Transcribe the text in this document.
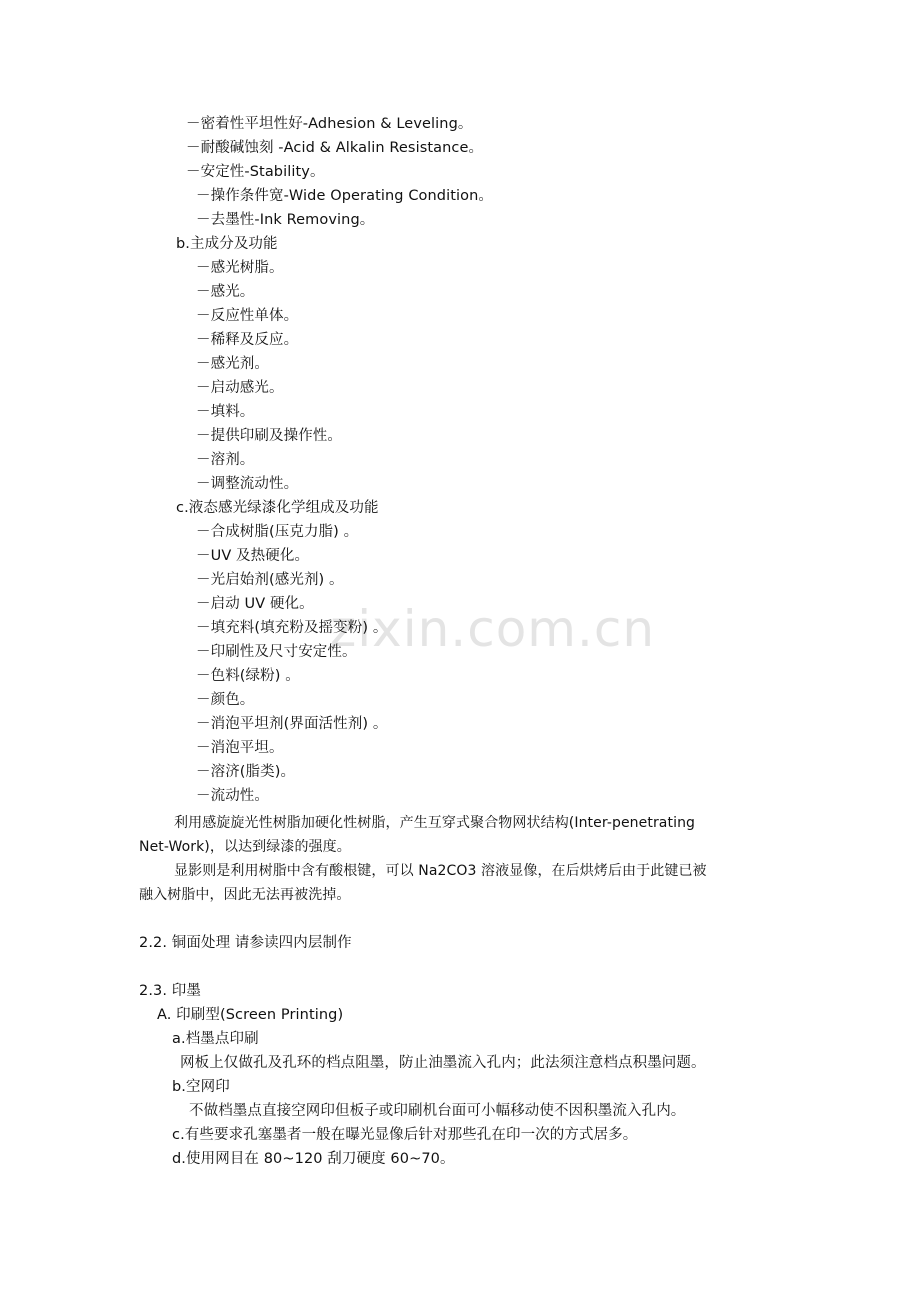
zixin.com.cn
－密着性平坦性好-Adhesion & Leveling。
－耐酸碱蚀刻 -Acid & Alkalin Resistance。
－安定性-Stability。
－操作条件宽-Wide Operating Condition。
－去墨性-Ink Removing。
b.主成分及功能
－感光树脂。
－感光。
－反应性单体。
－稀释及反应。
－感光剂。
－启动感光。
－填料。
－提供印刷及操作性。
－溶剂。
－调整流动性。
c.液态感光绿漆化学组成及功能
－合成树脂(压克力脂) 。
－UV 及热硬化。
－光启始剂(感光剂) 。
－启动 UV 硬化。
－填充料(填充粉及摇变粉) 。
－印刷性及尺寸安定性。
－色料(绿粉) 。
－颜色。
－消泡平坦剂(界面活性剂) 。
－消泡平坦。
－溶济(脂类)。
－流动性。
利用感旋旋光性树脂加硬化性树脂，产生互穿式聚合物网状结构(Inter-penetrating
Net-Work)，以达到绿漆的强度。
显影则是利用树脂中含有酸根键，可以 Na2CO3 溶液显像，在后烘烤后由于此键已被
融入树脂中，因此无法再被洗掉。
2.2. 铜面处理 请参读四内层制作
2.3. 印墨
A. 印刷型(Screen Printing)
a.档墨点印刷
网板上仅做孔及孔环的档点阻墨，防止油墨流入孔内；此法须注意档点积墨问题。
b.空网印
不做档墨点直接空网印但板子或印刷机台面可小幅移动使不因积墨流入孔内。
c.有些要求孔塞墨者一般在曝光显像后针对那些孔在印一次的方式居多。
d.使用网目在 80~120 刮刀硬度 60~70。
